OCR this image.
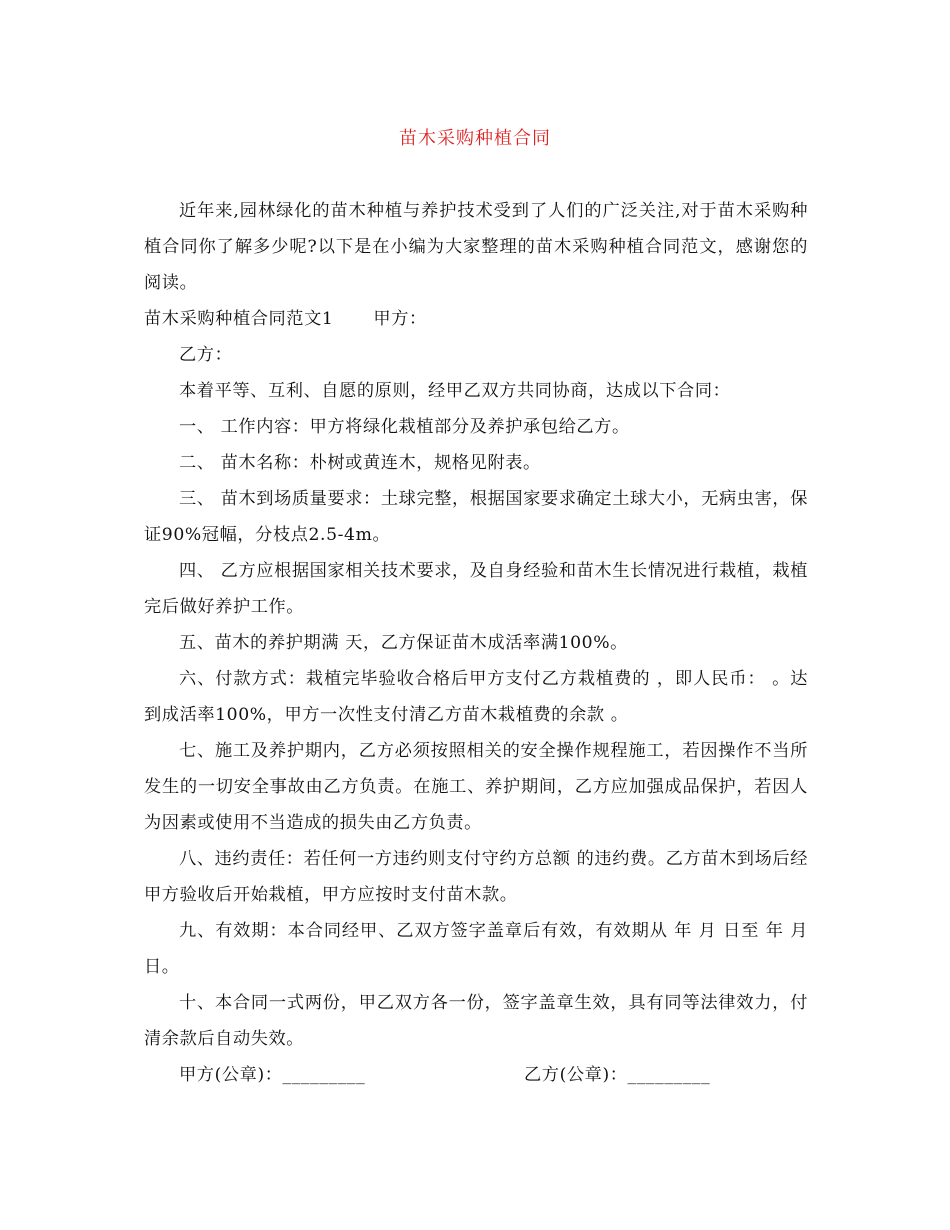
苗木采购种植合同

近年来,园林绿化的苗木种植与养护技术受到了人们的广泛关注,对于苗木采购种植合同你了解多少呢?以下是在小编为大家整理的苗木采购种植合同范文，感谢您的阅读。

苗木采购种植合同范文1 甲方：

乙方：

本着平等、互利、自愿的原则，经甲乙双方共同协商，达成以下合同：

一、 工作内容：甲方将绿化栽植部分及养护承包给乙方。

二、 苗木名称：朴树或黄连木，规格见附表。

三、 苗木到场质量要求：土球完整，根据国家要求确定土球大小，无病虫害，保证90%冠幅，分枝点2.5-4m。

四、 乙方应根据国家相关技术要求，及自身经验和苗木生长情况进行栽植，栽植完后做好养护工作。

五、苗木的养护期满 天，乙方保证苗木成活率满100%。

六、付款方式：栽植完毕验收合格后甲方支付乙方栽植费的 ，即人民币： 。达到成活率100%，甲方一次性支付清乙方苗木栽植费的余款 。

七、施工及养护期内，乙方必须按照相关的安全操作规程施工，若因操作不当所发生的一切安全事故由乙方负责。在施工、养护期间，乙方应加强成品保护，若因人为因素或使用不当造成的损失由乙方负责。

八、违约责任：若任何一方违约则支付守约方总额 的违约费。乙方苗木到场后经甲方验收后开始栽植，甲方应按时支付苗木款。

九、有效期：本合同经甲、乙双方签字盖章后有效，有效期从 年 月 日至 年 月 日。

十、本合同一式两份，甲乙双方各一份，签字盖章生效，具有同等法律效力，付清余款后自动失效。

甲方(公章)：_________	乙方(公章)：_________
